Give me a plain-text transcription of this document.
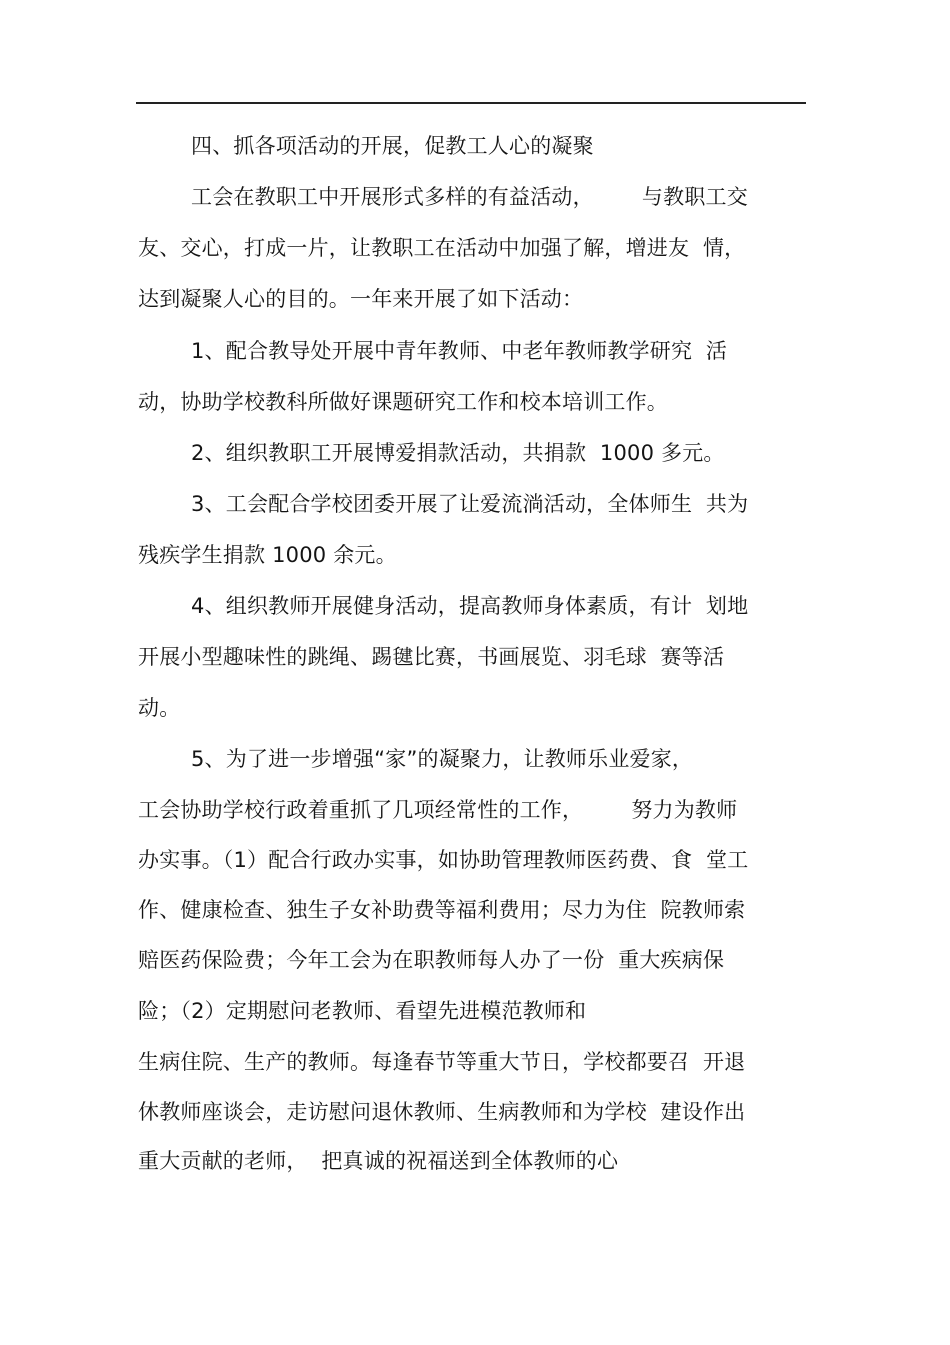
四、抓各项活动的开展，促教工人心的凝聚
工会在教职工中开展形式多样的有益活动，       与教职工交
友、交心，打成一片，让教职工在活动中加强了解，增进友  情，
达到凝聚人心的目的。一年来开展了如下活动：
1、配合教导处开展中青年教师、中老年教师教学研究  活
动，协助学校教科所做好课题研究工作和校本培训工作。
2、组织教职工开展博爱捐款活动，共捐款  1000 多元。
3、工会配合学校团委开展了让爱流淌活动，全体师生  共为
残疾学生捐款 1000 余元。
4、组织教师开展健身活动，提高教师身体素质，有计  划地
开展小型趣味性的跳绳、踢毽比赛，书画展览、羽毛球  赛等活
动。
5、为了进一步增强“家”的凝聚力，让教师乐业爱家，
工会协助学校行政着重抓了几项经常性的工作，       努力为教师
办实事。（1）配合行政办实事，如协助管理教师医药费、食  堂工
作、健康检查、独生子女补助费等福利费用；尽力为住  院教师索
赔医药保险费；今年工会为在职教师每人办了一份  重大疾病保
险；（2）定期慰问老教师、看望先进模范教师和
生病住院、生产的教师。每逢春节等重大节日，学校都要召  开退
休教师座谈会，走访慰问退休教师、生病教师和为学校  建设作出
重大贡献的老师，  把真诚的祝福送到全体教师的心
